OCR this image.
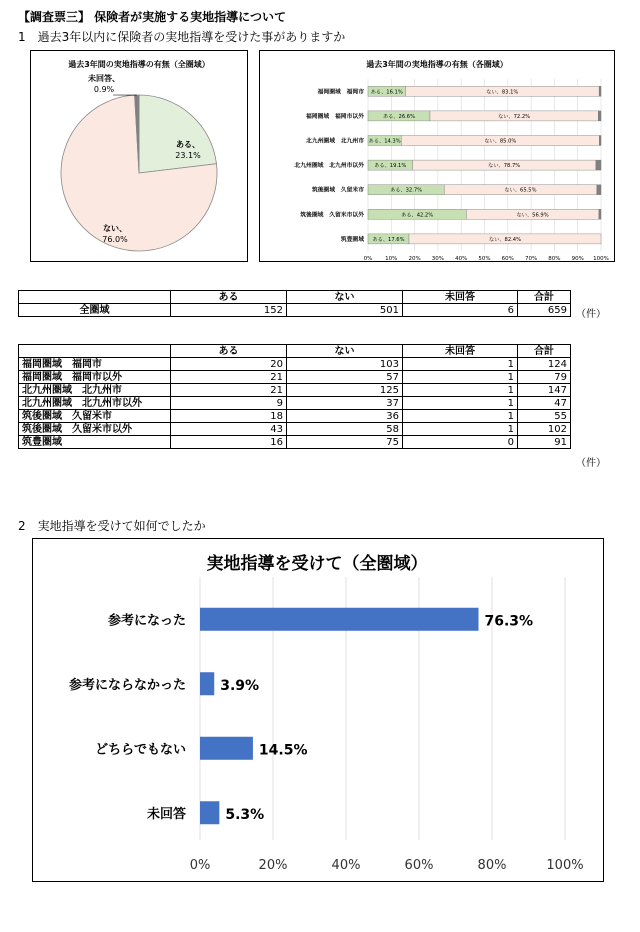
【調査票三】 保険者が実施する実地指導について
1　過去3年以内に保険者の実地指導を受けた事がありますか
過去3年間の実地指導の有無（全圏域）
ある、
23.1%
ない、
76.0%
未回答、
0.9%
過去3年間の実地指導の有無（各圏域）
福岡圏域　福岡市
福岡圏域　福岡市以外
北九州圏域　北九州市
北九州圏域　北九州市以外
筑後圏域　久留米市
筑後圏域　久留米市以外
筑豊圏域
ある、16.1%	ない、83.1%
ある、26.6%	ない、72.2%
ある、14.3%	ない、85.0%
ある、19.1%	ない、78.7%
ある、32.7%	ない、65.5%
ある、42.2%	ない、56.9%
ある、17.6%	ない、82.4%
0% 10% 20% 30% 40% 50% 60% 70% 80% 90% 100%
	ある	ない	未回答	合計
全圏域	152	501	6	659 （件）
	ある	ない	未回答	合計
福岡圏域　福岡市	20	103	1	124
福岡圏域　福岡市以外	21	57	1	79
北九州圏域　北九州市	21	125	1	147
北九州圏域　北九州市以外	9	37	1	47
筑後圏域　久留米市	18	36	1	55
筑後圏域　久留米市以外	43	58	1	102
筑豊圏域	16	75	0	91
（件）
2　実地指導を受けて如何でしたか
実地指導を受けて（全圏域）
参考になった
参考にならなかった
どちらでもない
未回答
76.3%
3.9%
14.5%
5.3%
0%	20%	40%	60%	80%	100%
